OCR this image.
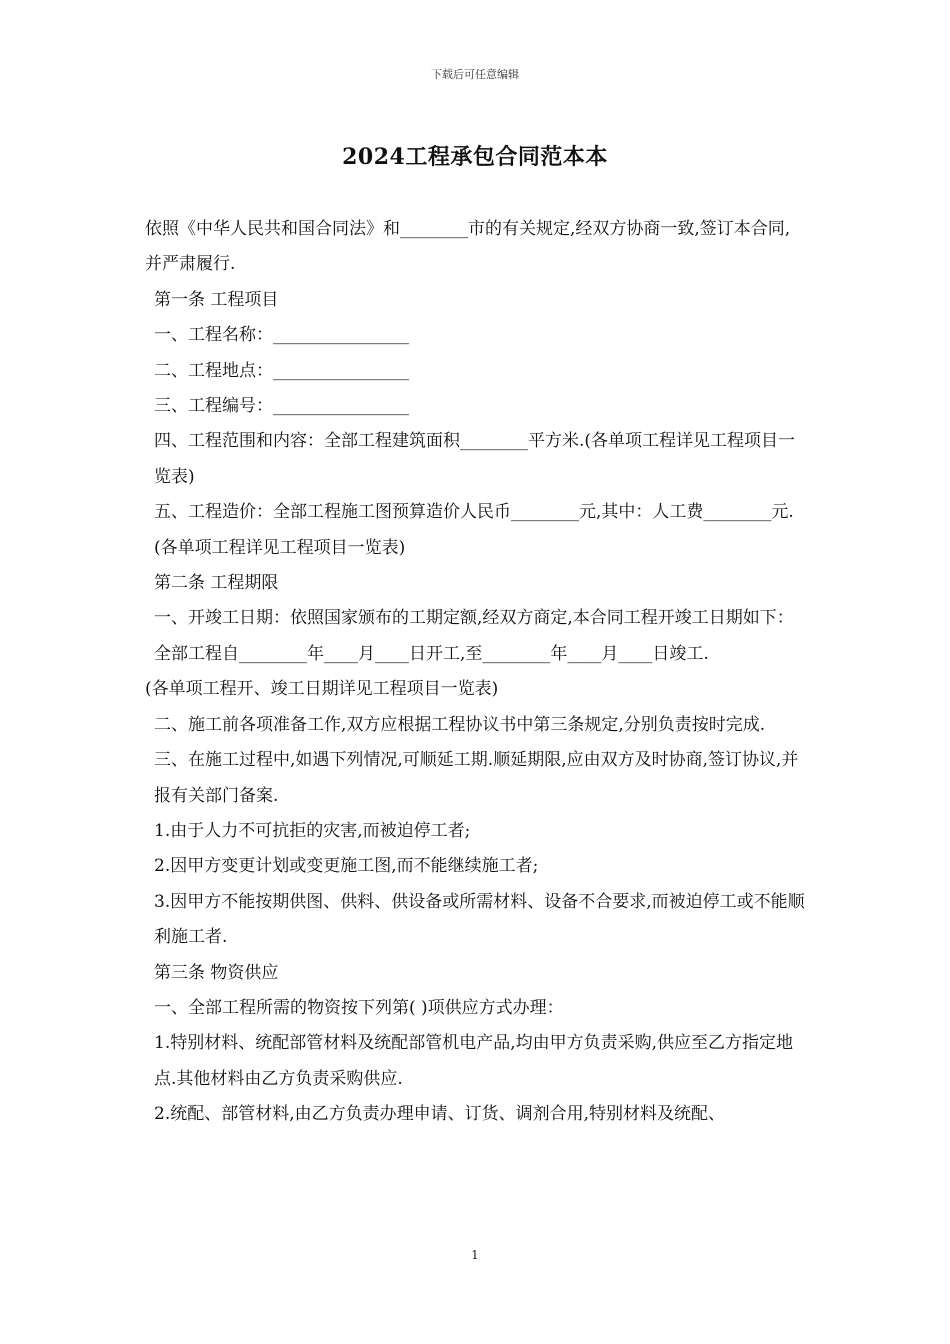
下载后可任意编辑
2024工程承包合同范本本

依照《中华人民共和国合同法》和________市的有关规定,经双方协商一致,签订本合同,并严肃履行.

第一条 工程项目

一、工程名称：________________

二、工程地点：________________

三、工程编号：________________

四、工程范围和内容：全部工程建筑面积________平方米.(各单项工程详见工程项目一览表)

五、工程造价：全部工程施工图预算造价人民币________元,其中：人工费________元.(各单项工程详见工程项目一览表)

第二条 工程期限

一、开竣工日期：依照国家颁布的工期定额,经双方商定,本合同工程开竣工日期如下：

全部工程自________年____月____日开工,至________年____月____日竣工.

(各单项工程开、竣工日期详见工程项目一览表)

二、施工前各项准备工作,双方应根据工程协议书中第三条规定,分别负责按时完成.

三、在施工过程中,如遇下列情况,可顺延工期.顺延期限,应由双方及时协商,签订协议,并报有关部门备案.

1.由于人力不可抗拒的灾害,而被迫停工者;

2.因甲方变更计划或变更施工图,而不能继续施工者;

3.因甲方不能按期供图、供料、供设备或所需材料、设备不合要求,而被迫停工或不能顺利施工者.

第三条 物资供应

一、全部工程所需的物资按下列第( )项供应方式办理：

1.特别材料、统配部管材料及统配部管机电产品,均由甲方负责采购,供应至乙方指定地点.其他材料由乙方负责采购供应.

2.统配、部管材料,由乙方负责办理申请、订货、调剂合用,特别材料及统配、

1
